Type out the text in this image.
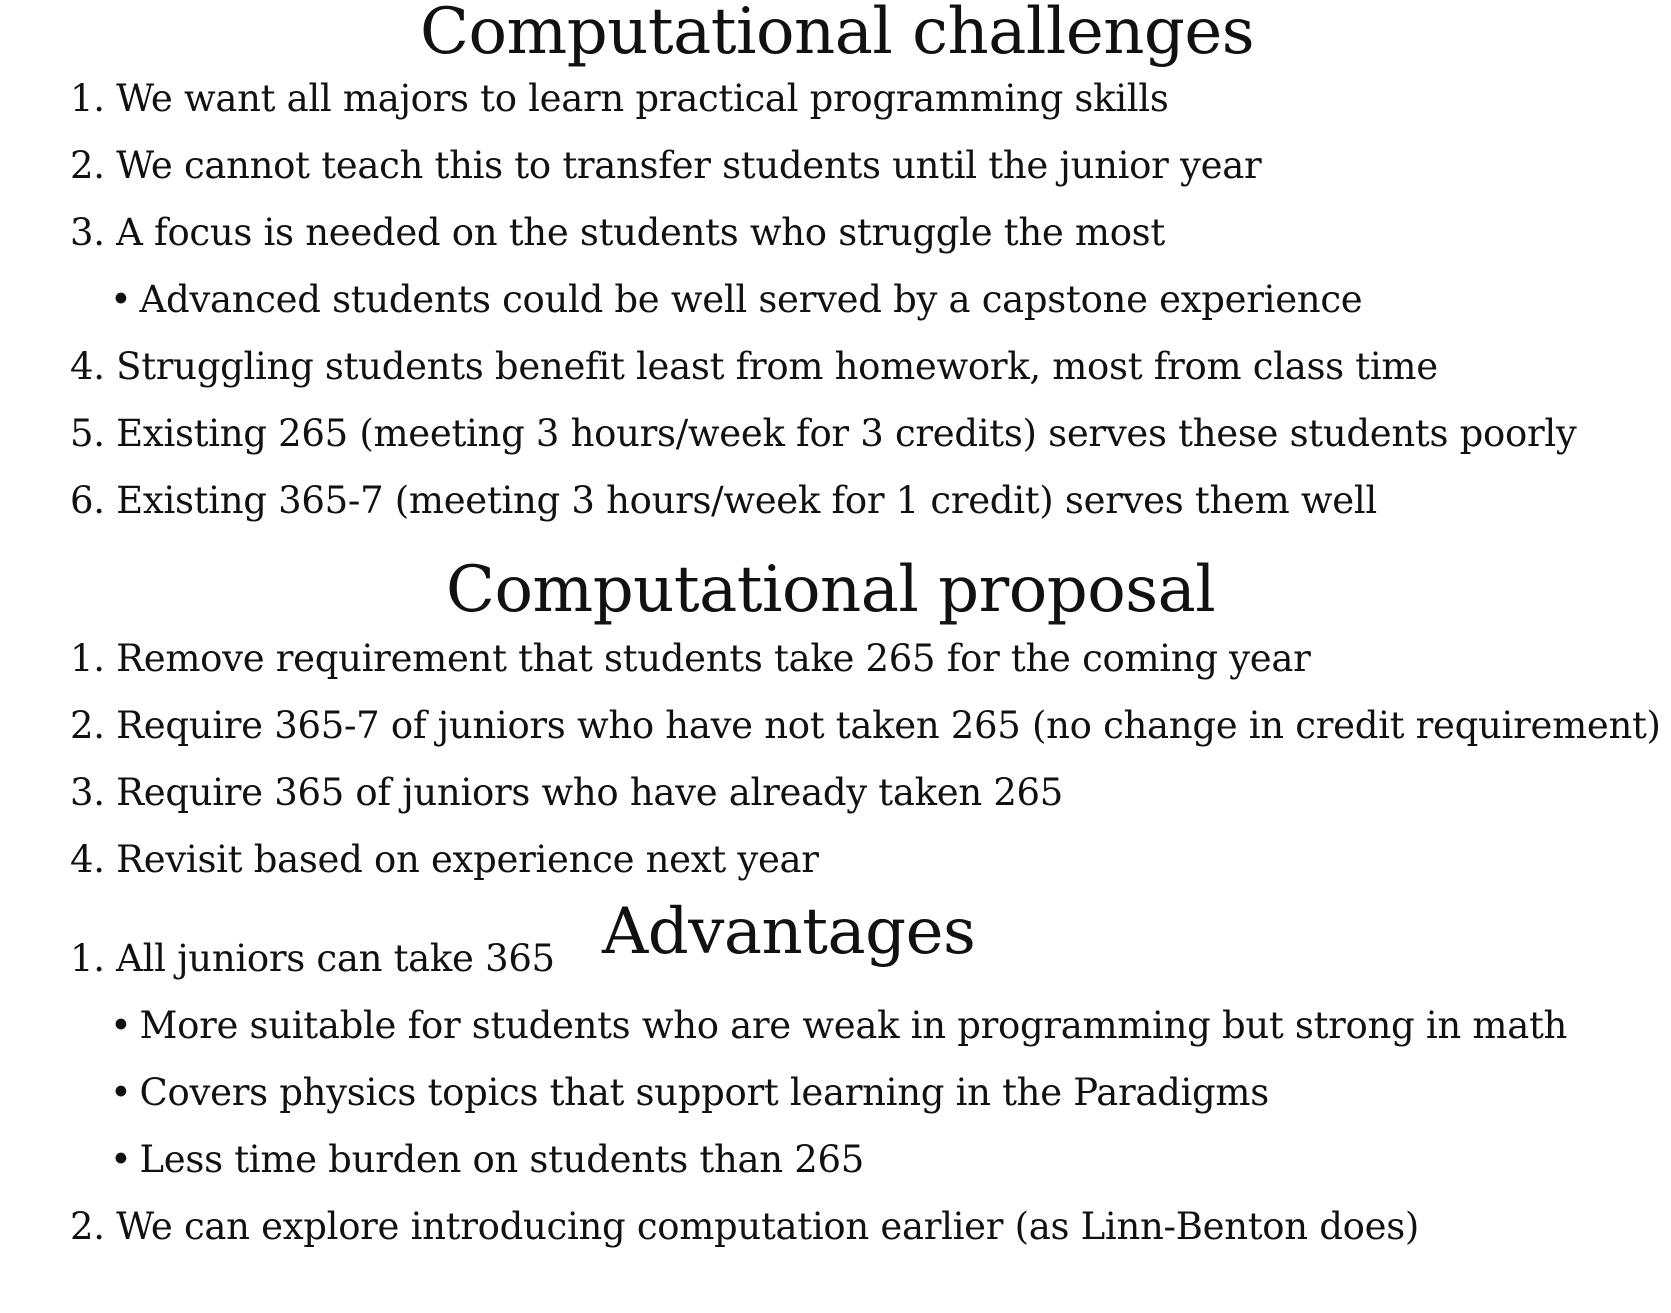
Computational challenges

1. We want all majors to learn practical programming skills

2. We cannot teach this to transfer students until the junior year

3. A focus is needed on the students who struggle the most

• Advanced students could be well served by a capstone experience

4. Struggling students benefit least from homework, most from class time

5. Existing 265 (meeting 3 hours/week for 3 credits) serves these students poorly

6. Existing 365-7 (meeting 3 hours/week for 1 credit) serves them well

Computational proposal

1. Remove requirement that students take 265 for the coming year

2. Require 365-7 of juniors who have not taken 265 (no change in credit requirement)

3. Require 365 of juniors who have already taken 265

4. Revisit based on experience next year

Advantages

1. All juniors can take 365

• More suitable for students who are weak in programming but strong in math

• Covers physics topics that support learning in the Paradigms

• Less time burden on students than 265

2. We can explore introducing computation earlier (as Linn-Benton does)
